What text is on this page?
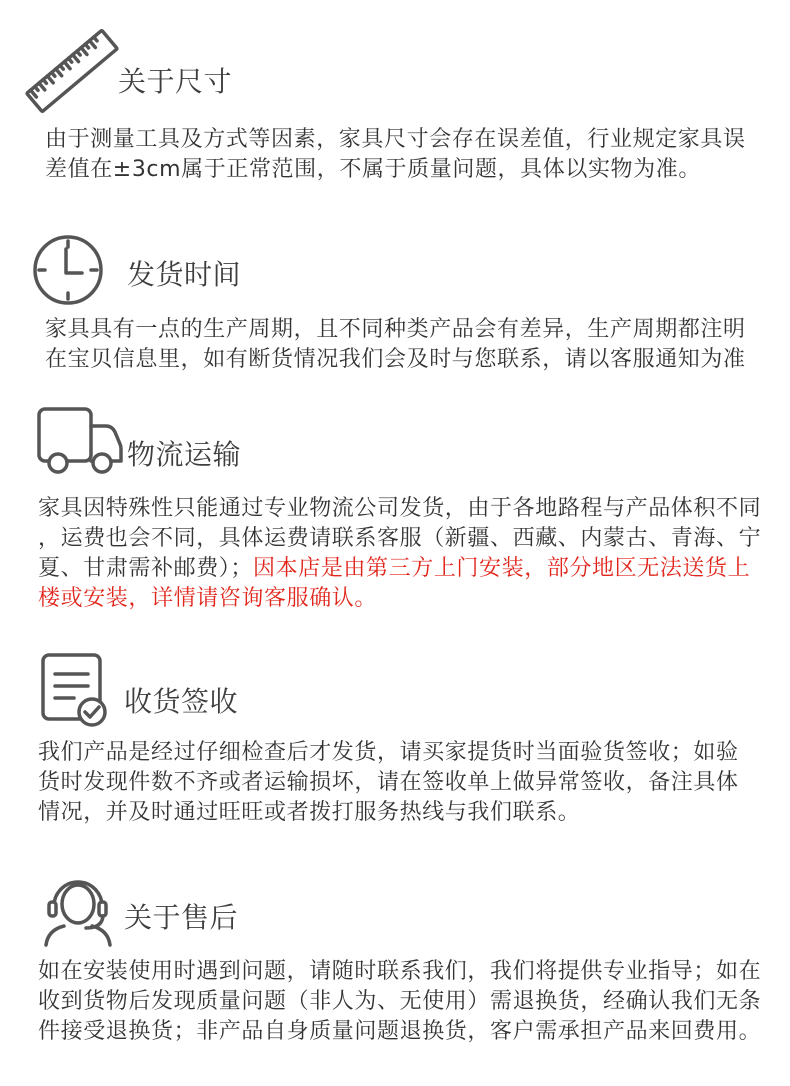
关于尺寸
由于测量工具及方式等因素，家具尺寸会存在误差值，行业规定家具误
差值在±3cm属于正常范围，不属于质量问题，具体以实物为准。
发货时间
家具具有一点的生产周期，且不同种类产品会有差异，生产周期都注明
在宝贝信息里，如有断货情况我们会及时与您联系，请以客服通知为准
物流运输
家具因特殊性只能通过专业物流公司发货，由于各地路程与产品体积不同
，运费也会不同，具体运费请联系客服（新疆、西藏、内蒙古、青海、宁
夏、甘肃需补邮费）；因本店是由第三方上门安装，部分地区无法送货上
楼或安装，详情请咨询客服确认。
收货签收
我们产品是经过仔细检查后才发货，请买家提货时当面验货签收；如验
货时发现件数不齐或者运输损坏，请在签收单上做异常签收，备注具体
情况，并及时通过旺旺或者拨打服务热线与我们联系。
关于售后
如在安装使用时遇到问题，请随时联系我们，我们将提供专业指导；如在
收到货物后发现质量问题（非人为、无使用）需退换货，经确认我们无条
件接受退换货；非产品自身质量问题退换货，客户需承担产品来回费用。
